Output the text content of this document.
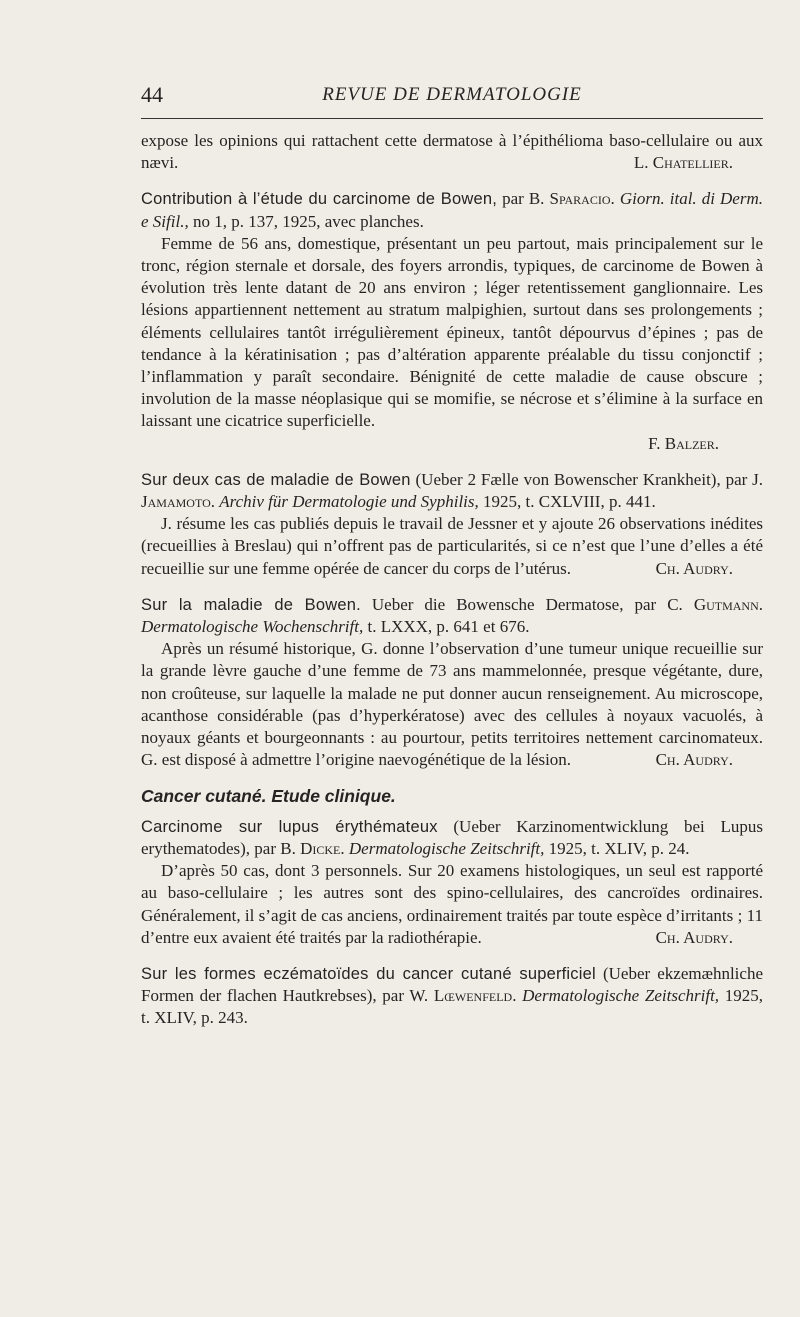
44	REVUE DE DERMATOLOGIE
expose les opinions qui rattachent cette dermatose à l’épithélioma baso-cellulaire ou aux nævi.	L. Chatellier.
Contribution à l’étude du carcinome de Bowen, par B. Sparacio. Giorn. ital. di Derm. e Sifil., no 1, p. 137, 1925, avec planches.
Femme de 56 ans, domestique, présentant un peu partout, mais principalement sur le tronc, région sternale et dorsale, des foyers arrondis, typiques, de carcinome de Bowen à évolution très lente datant de 20 ans environ ; léger retentissement ganglionnaire. Les lésions appartiennent nettement au stratum malpighien, surtout dans ses prolongements ; éléments cellulaires tantôt irrégulièrement épineux, tantôt dépourvus d’épines ; pas de tendance à la kératinisation ; pas d’altération apparente préalable du tissu conjonctif ; l’inflammation y paraît secondaire. Bénignité de cette maladie de cause obscure ; involution de la masse néoplasique qui se momifie, se nécrose et s’élimine à la surface en laissant une cicatrice superficielle.
F. Balzer.
Sur deux cas de maladie de Bowen (Ueber 2 Fælle von Bowenscher Krankheit), par J. Jamamoto. Archiv für Dermatologie und Syphilis, 1925, t. CXLVIII, p. 441.
J. résume les cas publiés depuis le travail de Jessner et y ajoute 26 observations inédites (recueillies à Breslau) qui n’offrent pas de particularités, si ce n’est que l’une d’elles a été recueillie sur une femme opérée de cancer du corps de l’utérus.	Ch. Audry.
Sur la maladie de Bowen. Ueber die Bowensche Dermatose, par C. Gutmann. Dermatologische Wochenschrift, t. LXXX, p. 641 et 676.
Après un résumé historique, G. donne l’observation d’une tumeur unique recueillie sur la grande lèvre gauche d’une femme de 73 ans mammelonnée, presque végétante, dure, non croûteuse, sur laquelle la malade ne put donner aucun renseignement. Au microscope, acanthose considérable (pas d’hyperkératose) avec des cellules à noyaux vacuolés, à noyaux géants et bourgeonnants : au pourtour, petits territoires nettement carcinomateux. G. est disposé à admettre l’origine naevogénétique de la lésion.	Ch. Audry.
Cancer cutané. Etude clinique.
Carcinome sur lupus érythémateux (Ueber Karzinomentwicklung bei Lupus erythematodes), par B. Dicke. Dermatologische Zeitschrift, 1925, t. XLIV, p. 24.
D’après 50 cas, dont 3 personnels. Sur 20 examens histologiques, un seul est rapporté au baso-cellulaire ; les autres sont des spino-cellulaires, des cancroïdes ordinaires. Généralement, il s’agit de cas anciens, ordinairement traités par toute espèce d’irritants ; 11 d’entre eux avaient été traités par la radiothérapie.	Ch. Audry.
Sur les formes eczématoïdes du cancer cutané superficiel (Ueber ekzemæhnliche Formen der flachen Hautkrebses), par W. Lœwenfeld. Dermatologische Zeitschrift, 1925, t. XLIV, p. 243.
